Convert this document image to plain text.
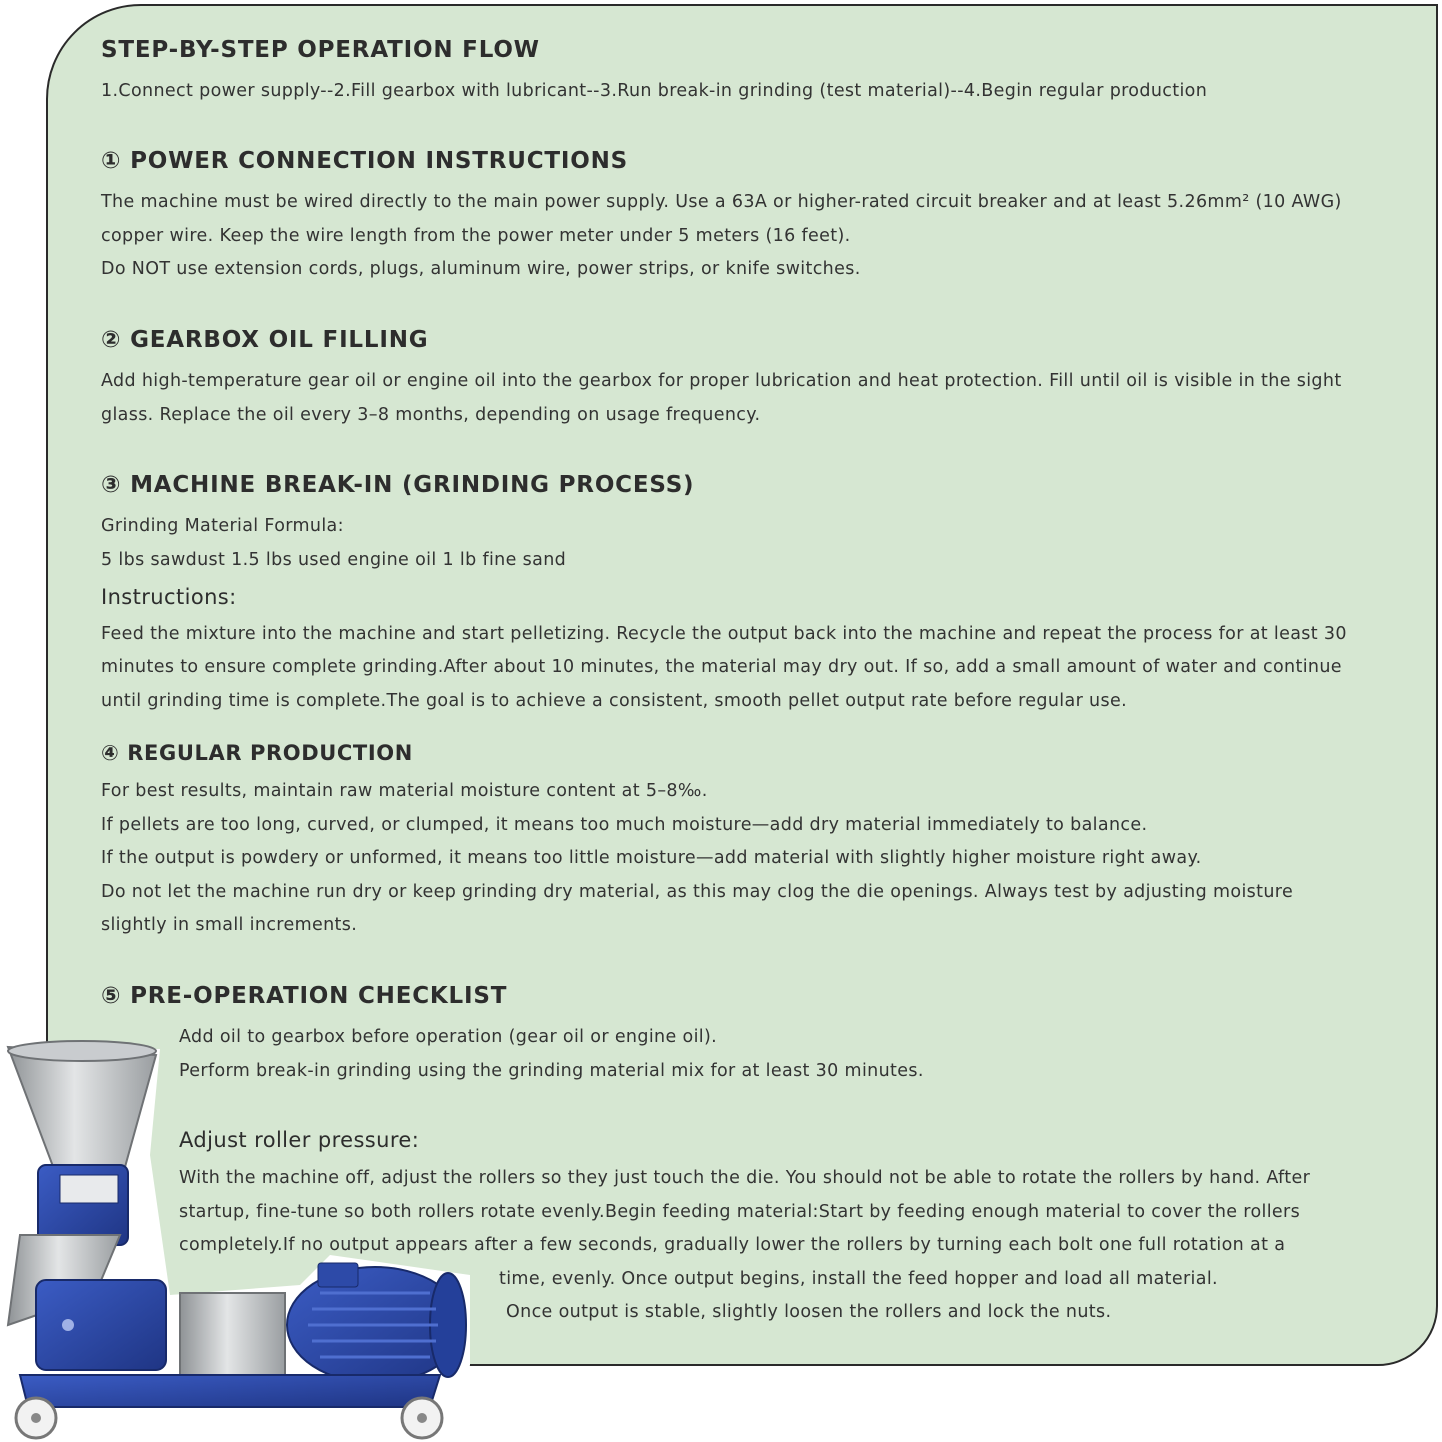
STEP-BY-STEP OPERATION FLOW

1.Connect power supply--2.Fill gearbox with lubricant--3.Run break-in grinding (test material)--4.Begin regular production

① POWER CONNECTION INSTRUCTIONS

The machine must be wired directly to the main power supply. Use a 63A or higher-rated circuit breaker and at least 5.26mm² (10 AWG)

copper wire. Keep the wire length from the power meter under 5 meters (16 feet).

Do NOT use extension cords, plugs, aluminum wire, power strips, or knife switches.

② GEARBOX OIL FILLING

Add high-temperature gear oil or engine oil into the gearbox for proper lubrication and heat protection. Fill until oil is visible in the sight

glass. Replace the oil every 3–8 months, depending on usage frequency.

③ MACHINE BREAK-IN (GRINDING PROCESS)

Grinding Material Formula:

5 lbs sawdust 1.5 lbs used engine oil 1 lb fine sand

Instructions:

Feed the mixture into the machine and start pelletizing. Recycle the output back into the machine and repeat the process for at least 30

minutes to ensure complete grinding.After about 10 minutes, the material may dry out. If so, add a small amount of water and continue

until grinding time is complete.The goal is to achieve a consistent, smooth pellet output rate before regular use.

④ REGULAR PRODUCTION

For best results, maintain raw material moisture content at 5–8‰.

If pellets are too long, curved, or clumped, it means too much moisture—add dry material immediately to balance.

If the output is powdery or unformed, it means too little moisture—add material with slightly higher moisture right away.

Do not let the machine run dry or keep grinding dry material, as this may clog the die openings. Always test by adjusting moisture

slightly in small increments.

⑤ PRE-OPERATION CHECKLIST

Add oil to gearbox before operation (gear oil or engine oil).

Perform break-in grinding using the grinding material mix for at least 30 minutes.

Adjust roller pressure:

With the machine off, adjust the rollers so they just touch the die. You should not be able to rotate the rollers by hand. After

startup, fine-tune so both rollers rotate evenly.Begin feeding material:Start by feeding enough material to cover the rollers

completely.If no output appears after a few seconds, gradually lower the rollers by turning each bolt one full rotation at a

time, evenly. Once output begins, install the feed hopper and load all material.

Once output is stable, slightly loosen the rollers and lock the nuts.
